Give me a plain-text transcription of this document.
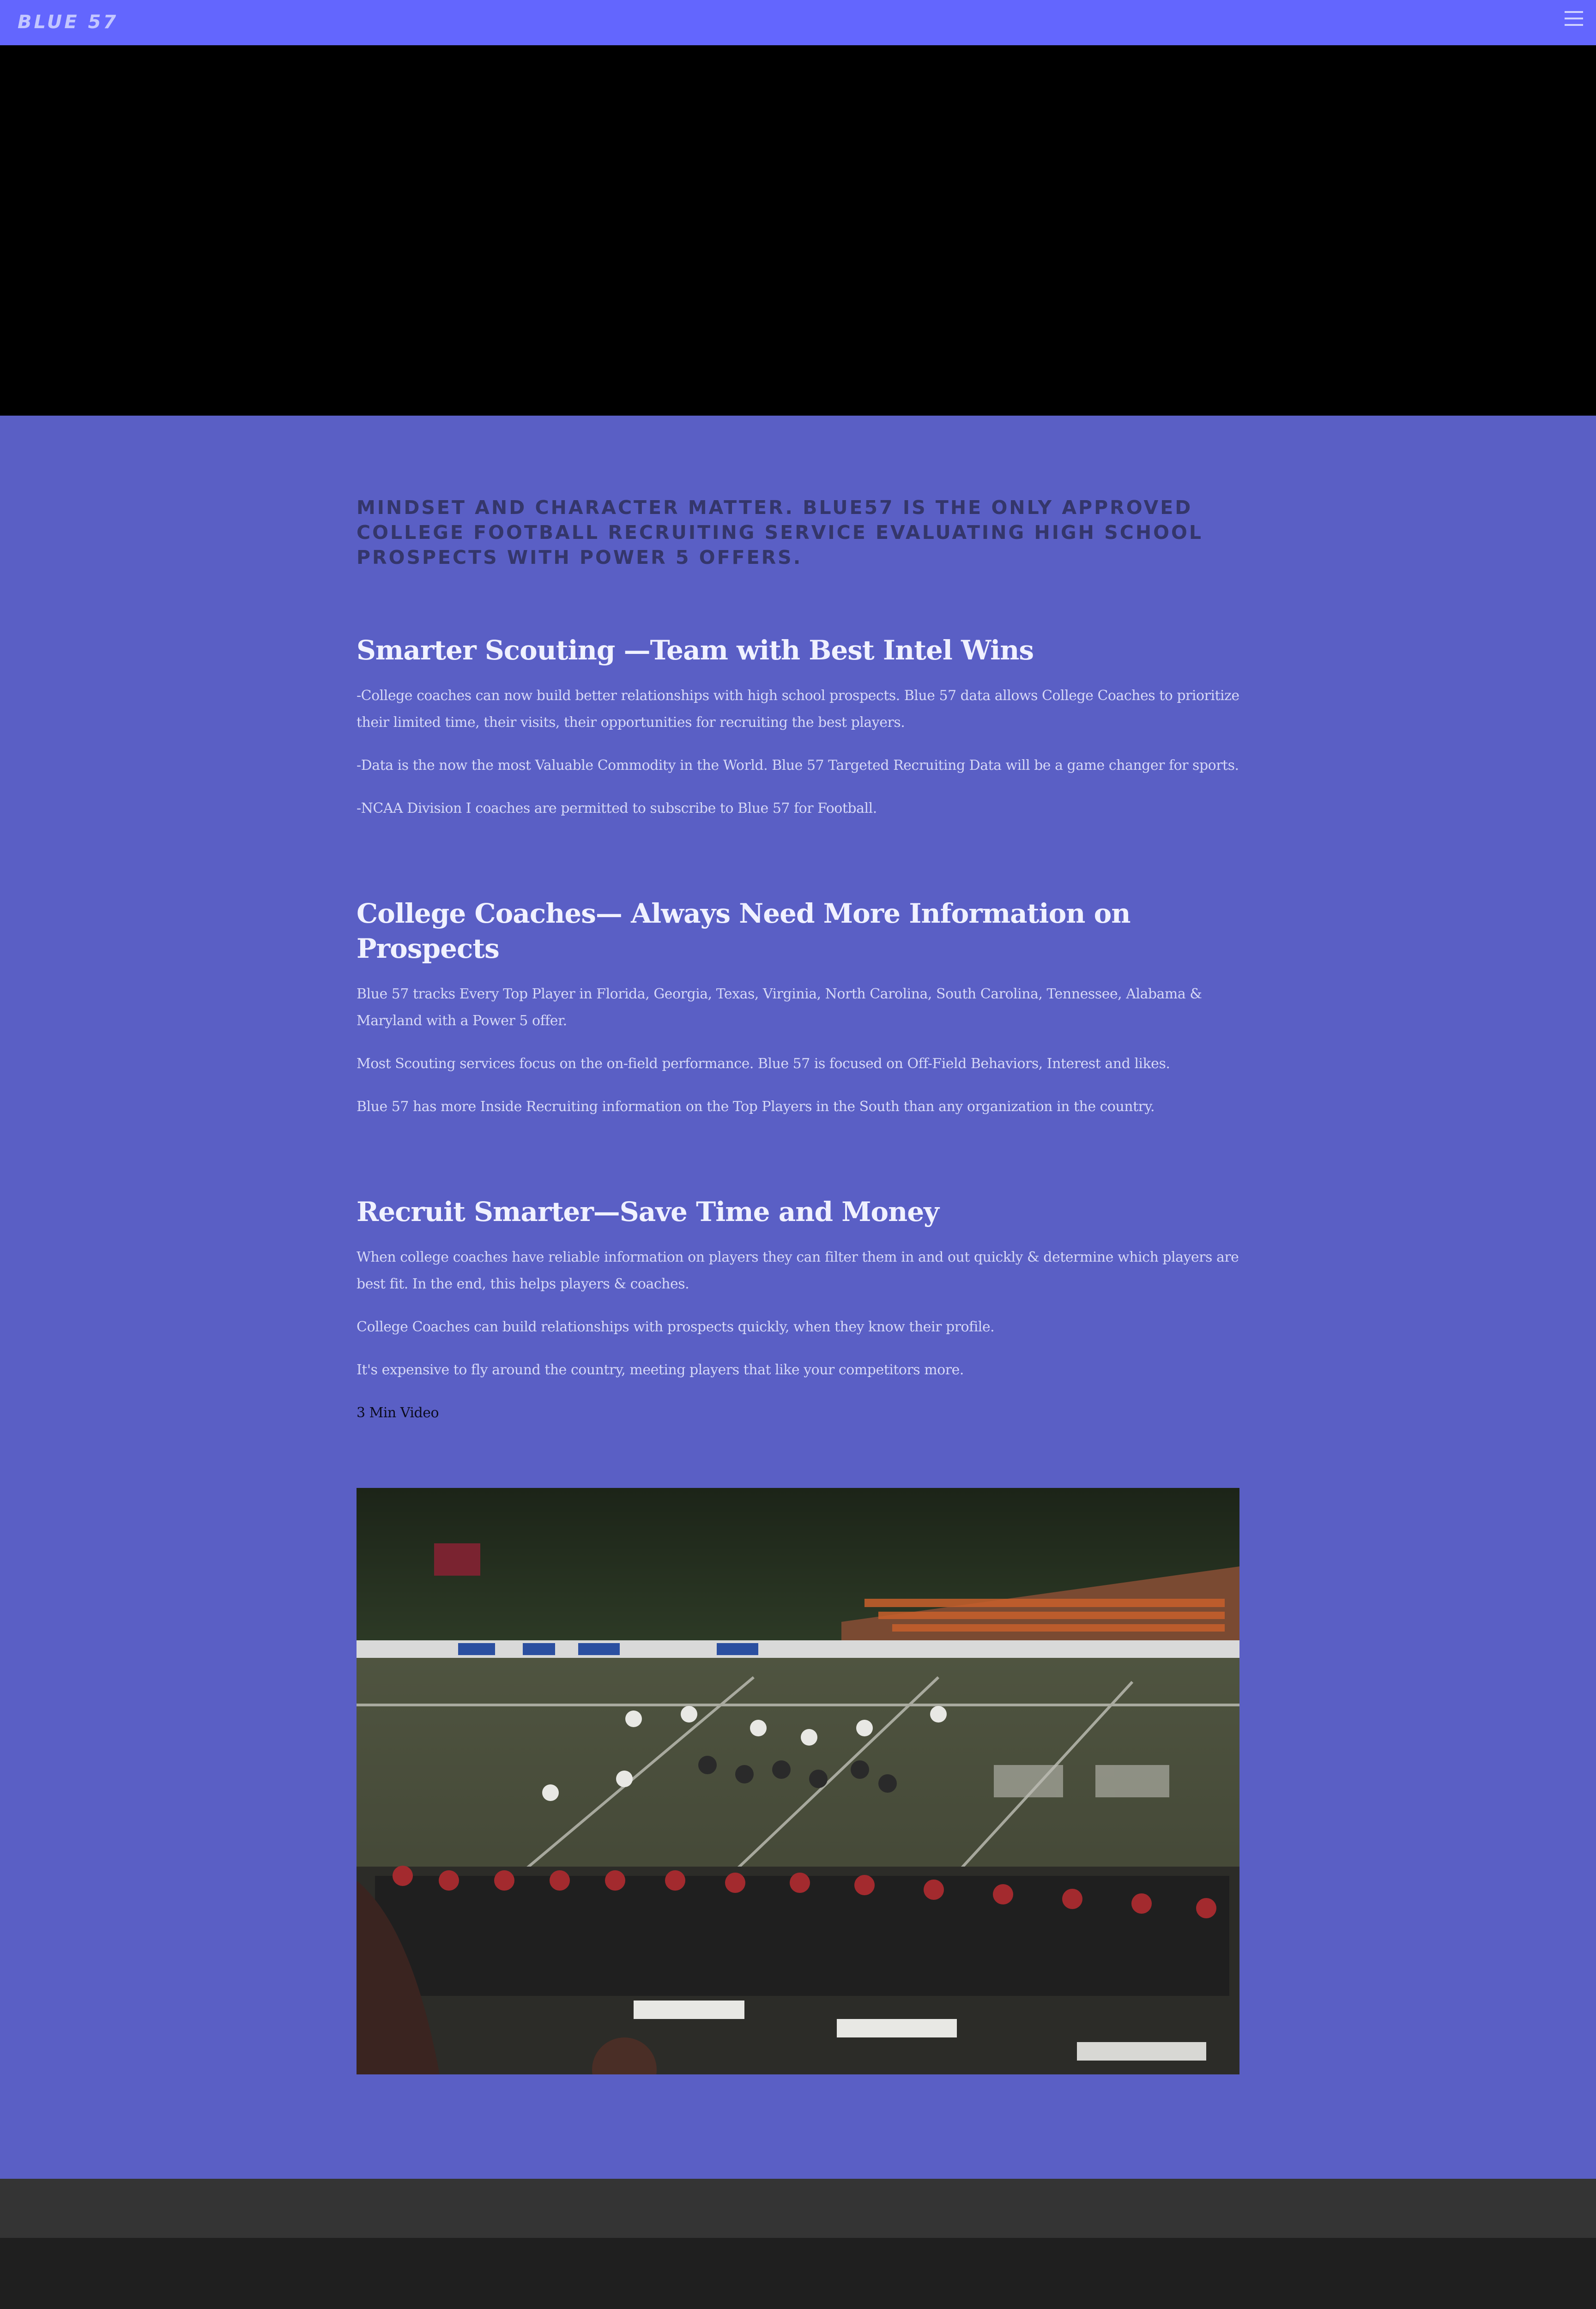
BLUE 57

MINDSET AND CHARACTER MATTER. BLUE57 IS THE ONLY APPROVED COLLEGE FOOTBALL RECRUITING SERVICE EVALUATING HIGH SCHOOL PROSPECTS WITH POWER 5 OFFERS.

Smarter Scouting —Team with Best Intel Wins

-College coaches can now build better relationships with high school prospects. Blue 57 data allows College Coaches to prioritize their limited time, their visits, their opportunities for recruiting the best players.

-Data is the now the most Valuable Commodity in the World. Blue 57 Targeted Recruiting Data will be a game changer for sports.

-NCAA Division I coaches are permitted to subscribe to Blue 57 for Football.

College Coaches— Always Need More Information on Prospects

Blue 57 tracks Every Top Player in Florida, Georgia, Texas, Virginia, North Carolina, South Carolina, Tennessee, Alabama & Maryland with a Power 5 offer.

Most Scouting services focus on the on-field performance. Blue 57 is focused on Off-Field Behaviors, Interest and likes.

Blue 57 has more Inside Recruiting information on the Top Players in the South than any organization in the country.

Recruit Smarter—Save Time and Money

When college coaches have reliable information on players they can filter them in and out quickly & determine which players are best fit. In the end, this helps players & coaches.

College Coaches can build relationships with prospects quickly, when they know their profile.

It's expensive to fly around the country, meeting players that like your competitors more.

3 Min Video
